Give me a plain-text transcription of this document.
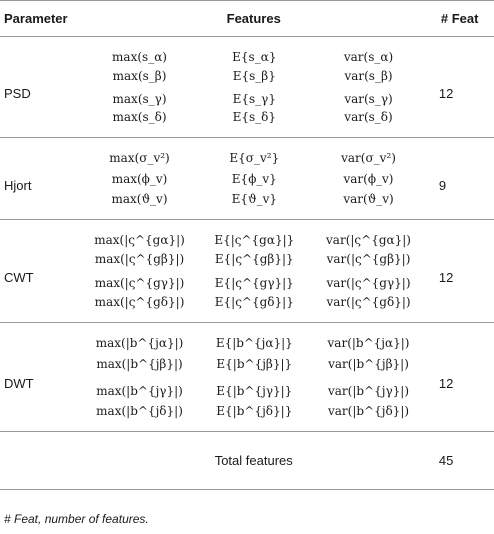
Parameter	Features			# Feat
PSD	max(s_α)	E{s_α}	var(s_α)	12
	max(s_β)	E{s_β}	var(s_β)	
	max(s_γ)	E{s_γ}	var(s_γ)	
	max(s_δ)	E{s_δ}	var(s_δ)	
Hjort	max(σ_v²)	E{σ_v²}	var(σ_v²)	9
	max(ϕ_v)	E{ϕ_v}	var(ϕ_v)	
	max(ϑ_v)	E{ϑ_v}	var(ϑ_v)	
CWT	max(|ς^{gα}|)	E{|ς^{gα}|}	var(|ς^{gα}|)	12
	max(|ς^{gβ}|)	E{|ς^{gβ}|}	var(|ς^{gβ}|)	
	max(|ς^{gγ}|)	E{|ς^{gγ}|}	var(|ς^{gγ}|)	
	max(|ς^{gδ}|)	E{|ς^{gδ}|}	var(|ς^{gδ}|)	
DWT	max(|b^{jα}|)	E{|b^{jα}|}	var(|b^{jα}|)	12
	max(|b^{jβ}|)	E{|b^{jβ}|}	var(|b^{jβ}|)	
	max(|b^{jγ}|)	E{|b^{jγ}|}	var(|b^{jγ}|)	
	max(|b^{jδ}|)	E{|b^{jδ}|}	var(|b^{jδ}|)	
	Total features			45
# Feat, number of features.
